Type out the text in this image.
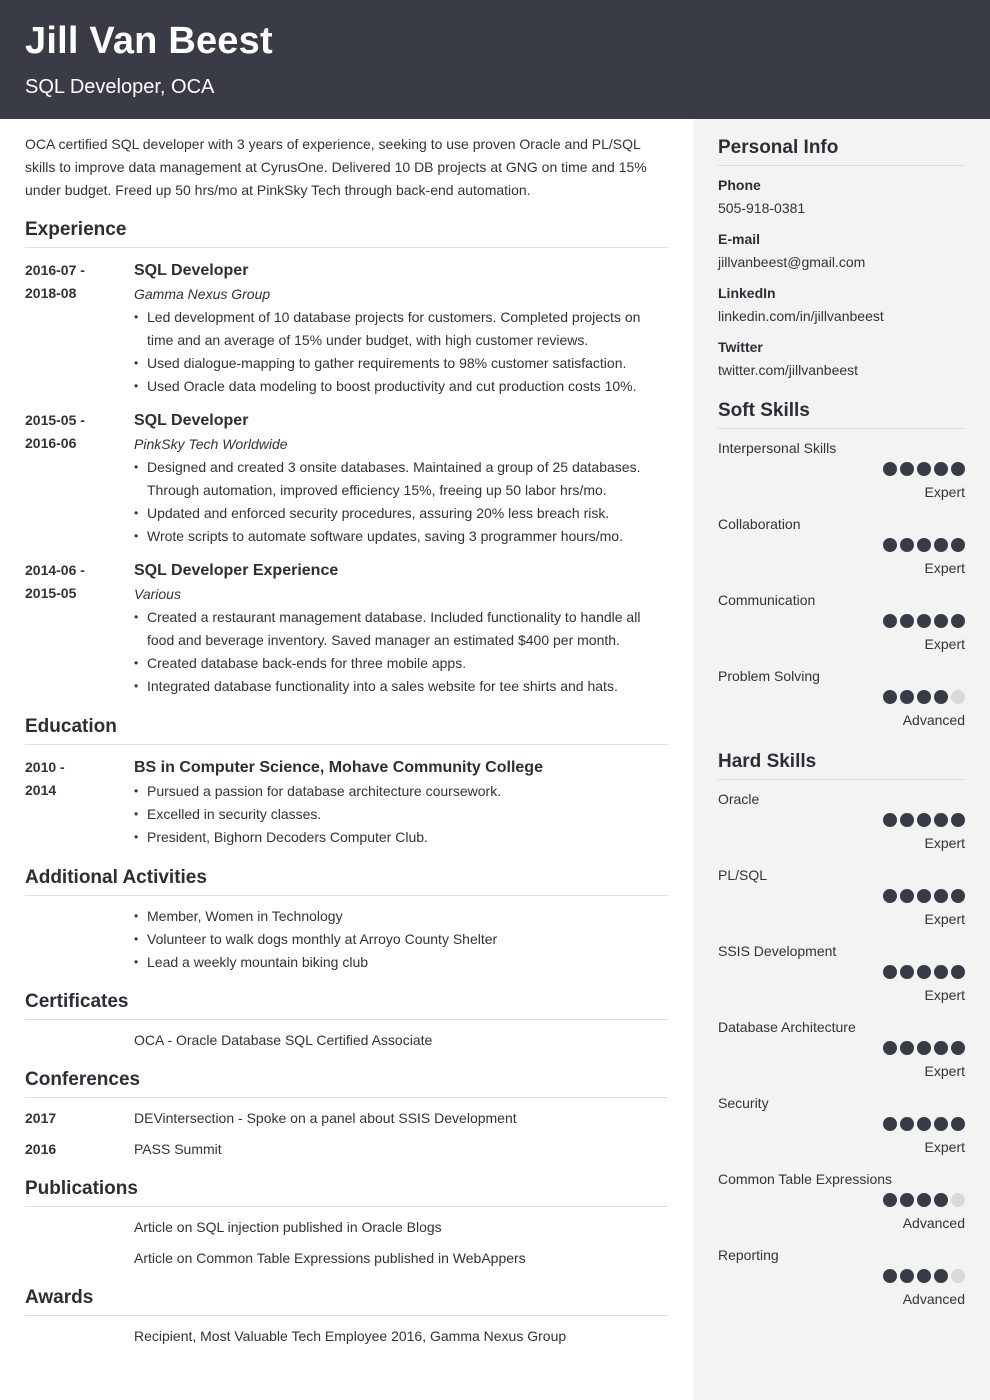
Jill Van Beest
SQL Developer, OCA

OCA certified SQL developer with 3 years of experience, seeking to use proven Oracle and PL/SQL skills to improve data management at CyrusOne. Delivered 10 DB projects at GNG on time and 15% under budget. Freed up 50 hrs/mo at PinkSky Tech through back-end automation.

Experience
2016-07 -
2018-08
SQL Developer
Gamma Nexus Group
• Led development of 10 database projects for customers. Completed projects on time and an average of 15% under budget, with high customer reviews.
• Used dialogue-mapping to gather requirements to 98% customer satisfaction.
• Used Oracle data modeling to boost productivity and cut production costs 10%.
2015-05 -
2016-06
SQL Developer
PinkSky Tech Worldwide
• Designed and created 3 onsite databases. Maintained a group of 25 databases. Through automation, improved efficiency 15%, freeing up 50 labor hrs/mo.
• Updated and enforced security procedures, assuring 20% less breach risk.
• Wrote scripts to automate software updates, saving 3 programmer hours/mo.
2014-06 -
2015-05
SQL Developer Experience
Various
• Created a restaurant management database. Included functionality to handle all food and beverage inventory. Saved manager an estimated $400 per month.
• Created database back-ends for three mobile apps.
• Integrated database functionality into a sales website for tee shirts and hats.
Education
2010 -
2014
BS in Computer Science, Mohave Community College
• Pursued a passion for database architecture coursework.
• Excelled in security classes.
• President, Bighorn Decoders Computer Club.
Additional Activities
• Member, Women in Technology
• Volunteer to walk dogs monthly at Arroyo County Shelter
• Lead a weekly mountain biking club
Certificates
OCA - Oracle Database SQL Certified Associate
Conferences
2017	DEVintersection - Spoke on a panel about SSIS Development
2016	PASS Summit
Publications
Article on SQL injection published in Oracle Blogs
Article on Common Table Expressions published in WebAppers
Awards
Recipient, Most Valuable Tech Employee 2016, Gamma Nexus Group
Personal Info
Phone
505-918-0381
E-mail
jillvanbeest@gmail.com
LinkedIn
linkedin.com/in/jillvanbeest
Twitter
twitter.com/jillvanbeest
Soft Skills
Interpersonal Skills
Expert
Collaboration
Expert
Communication
Expert
Problem Solving
Advanced
Hard Skills
Oracle
Expert
PL/SQL
Expert
SSIS Development
Expert
Database Architecture
Expert
Security
Expert
Common Table Expressions
Advanced
Reporting
Advanced
